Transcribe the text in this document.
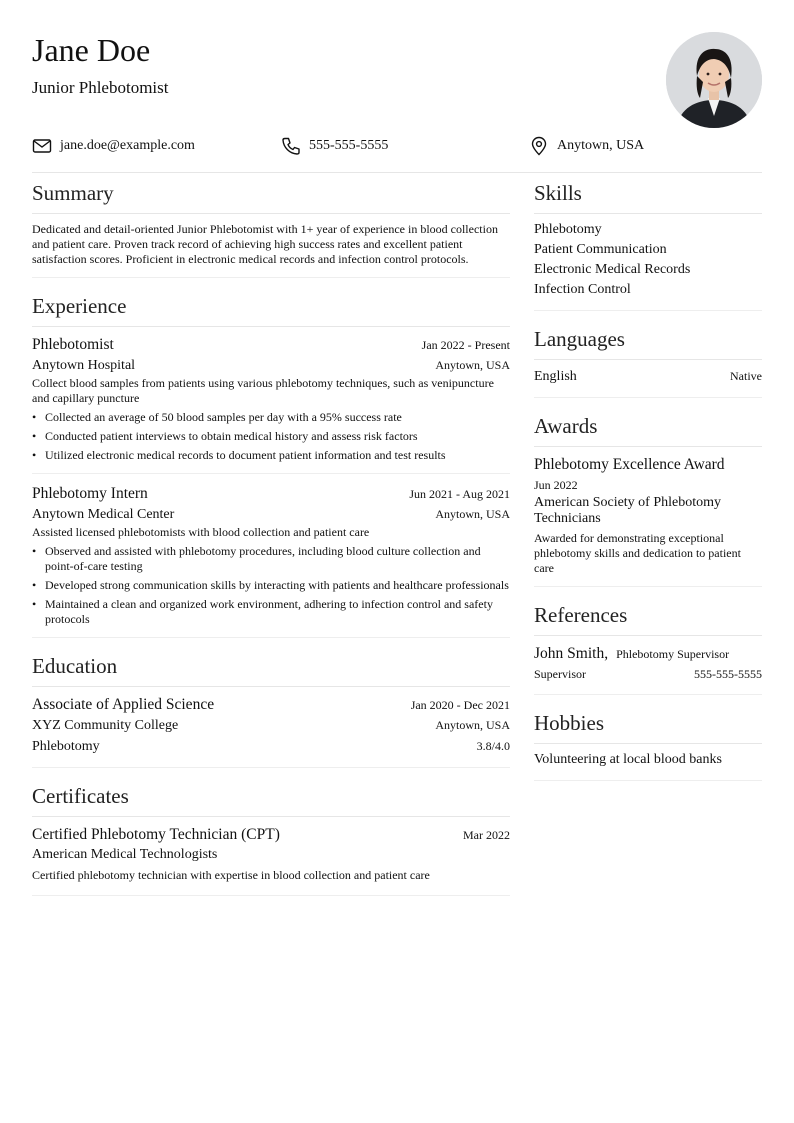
Jane Doe
Junior Phlebotomist
jane.doe@example.com	555-555-5555	Anytown, USA
Summary
Dedicated and detail-oriented Junior Phlebotomist with 1+ year of experience in blood collection and patient care. Proven track record of achieving high success rates and excellent patient satisfaction scores. Proficient in electronic medical records and infection control protocols.
Experience
Phlebotomist	Jan 2022 - Present
Anytown Hospital	Anytown, USA
Collect blood samples from patients using various phlebotomy techniques, such as venipuncture and capillary puncture
• Collected an average of 50 blood samples per day with a 95% success rate
• Conducted patient interviews to obtain medical history and assess risk factors
• Utilized electronic medical records to document patient information and test results
Phlebotomy Intern	Jun 2021 - Aug 2021
Anytown Medical Center	Anytown, USA
Assisted licensed phlebotomists with blood collection and patient care
• Observed and assisted with phlebotomy procedures, including blood culture collection and point-of-care testing
• Developed strong communication skills by interacting with patients and healthcare professionals
• Maintained a clean and organized work environment, adhering to infection control and safety protocols
Education
Associate of Applied Science	Jan 2020 - Dec 2021
XYZ Community College	Anytown, USA
Phlebotomy	3.8/4.0
Certificates
Certified Phlebotomy Technician (CPT)	Mar 2022
American Medical Technologists
Certified phlebotomy technician with expertise in blood collection and patient care
Skills
Phlebotomy
Patient Communication
Electronic Medical Records
Infection Control
Languages
English	Native
Awards
Phlebotomy Excellence Award
Jun 2022
American Society of Phlebotomy Technicians
Awarded for demonstrating exceptional phlebotomy skills and dedication to patient care
References
John Smith, Phlebotomy Supervisor
Supervisor	555-555-5555
Hobbies
Volunteering at local blood banks
